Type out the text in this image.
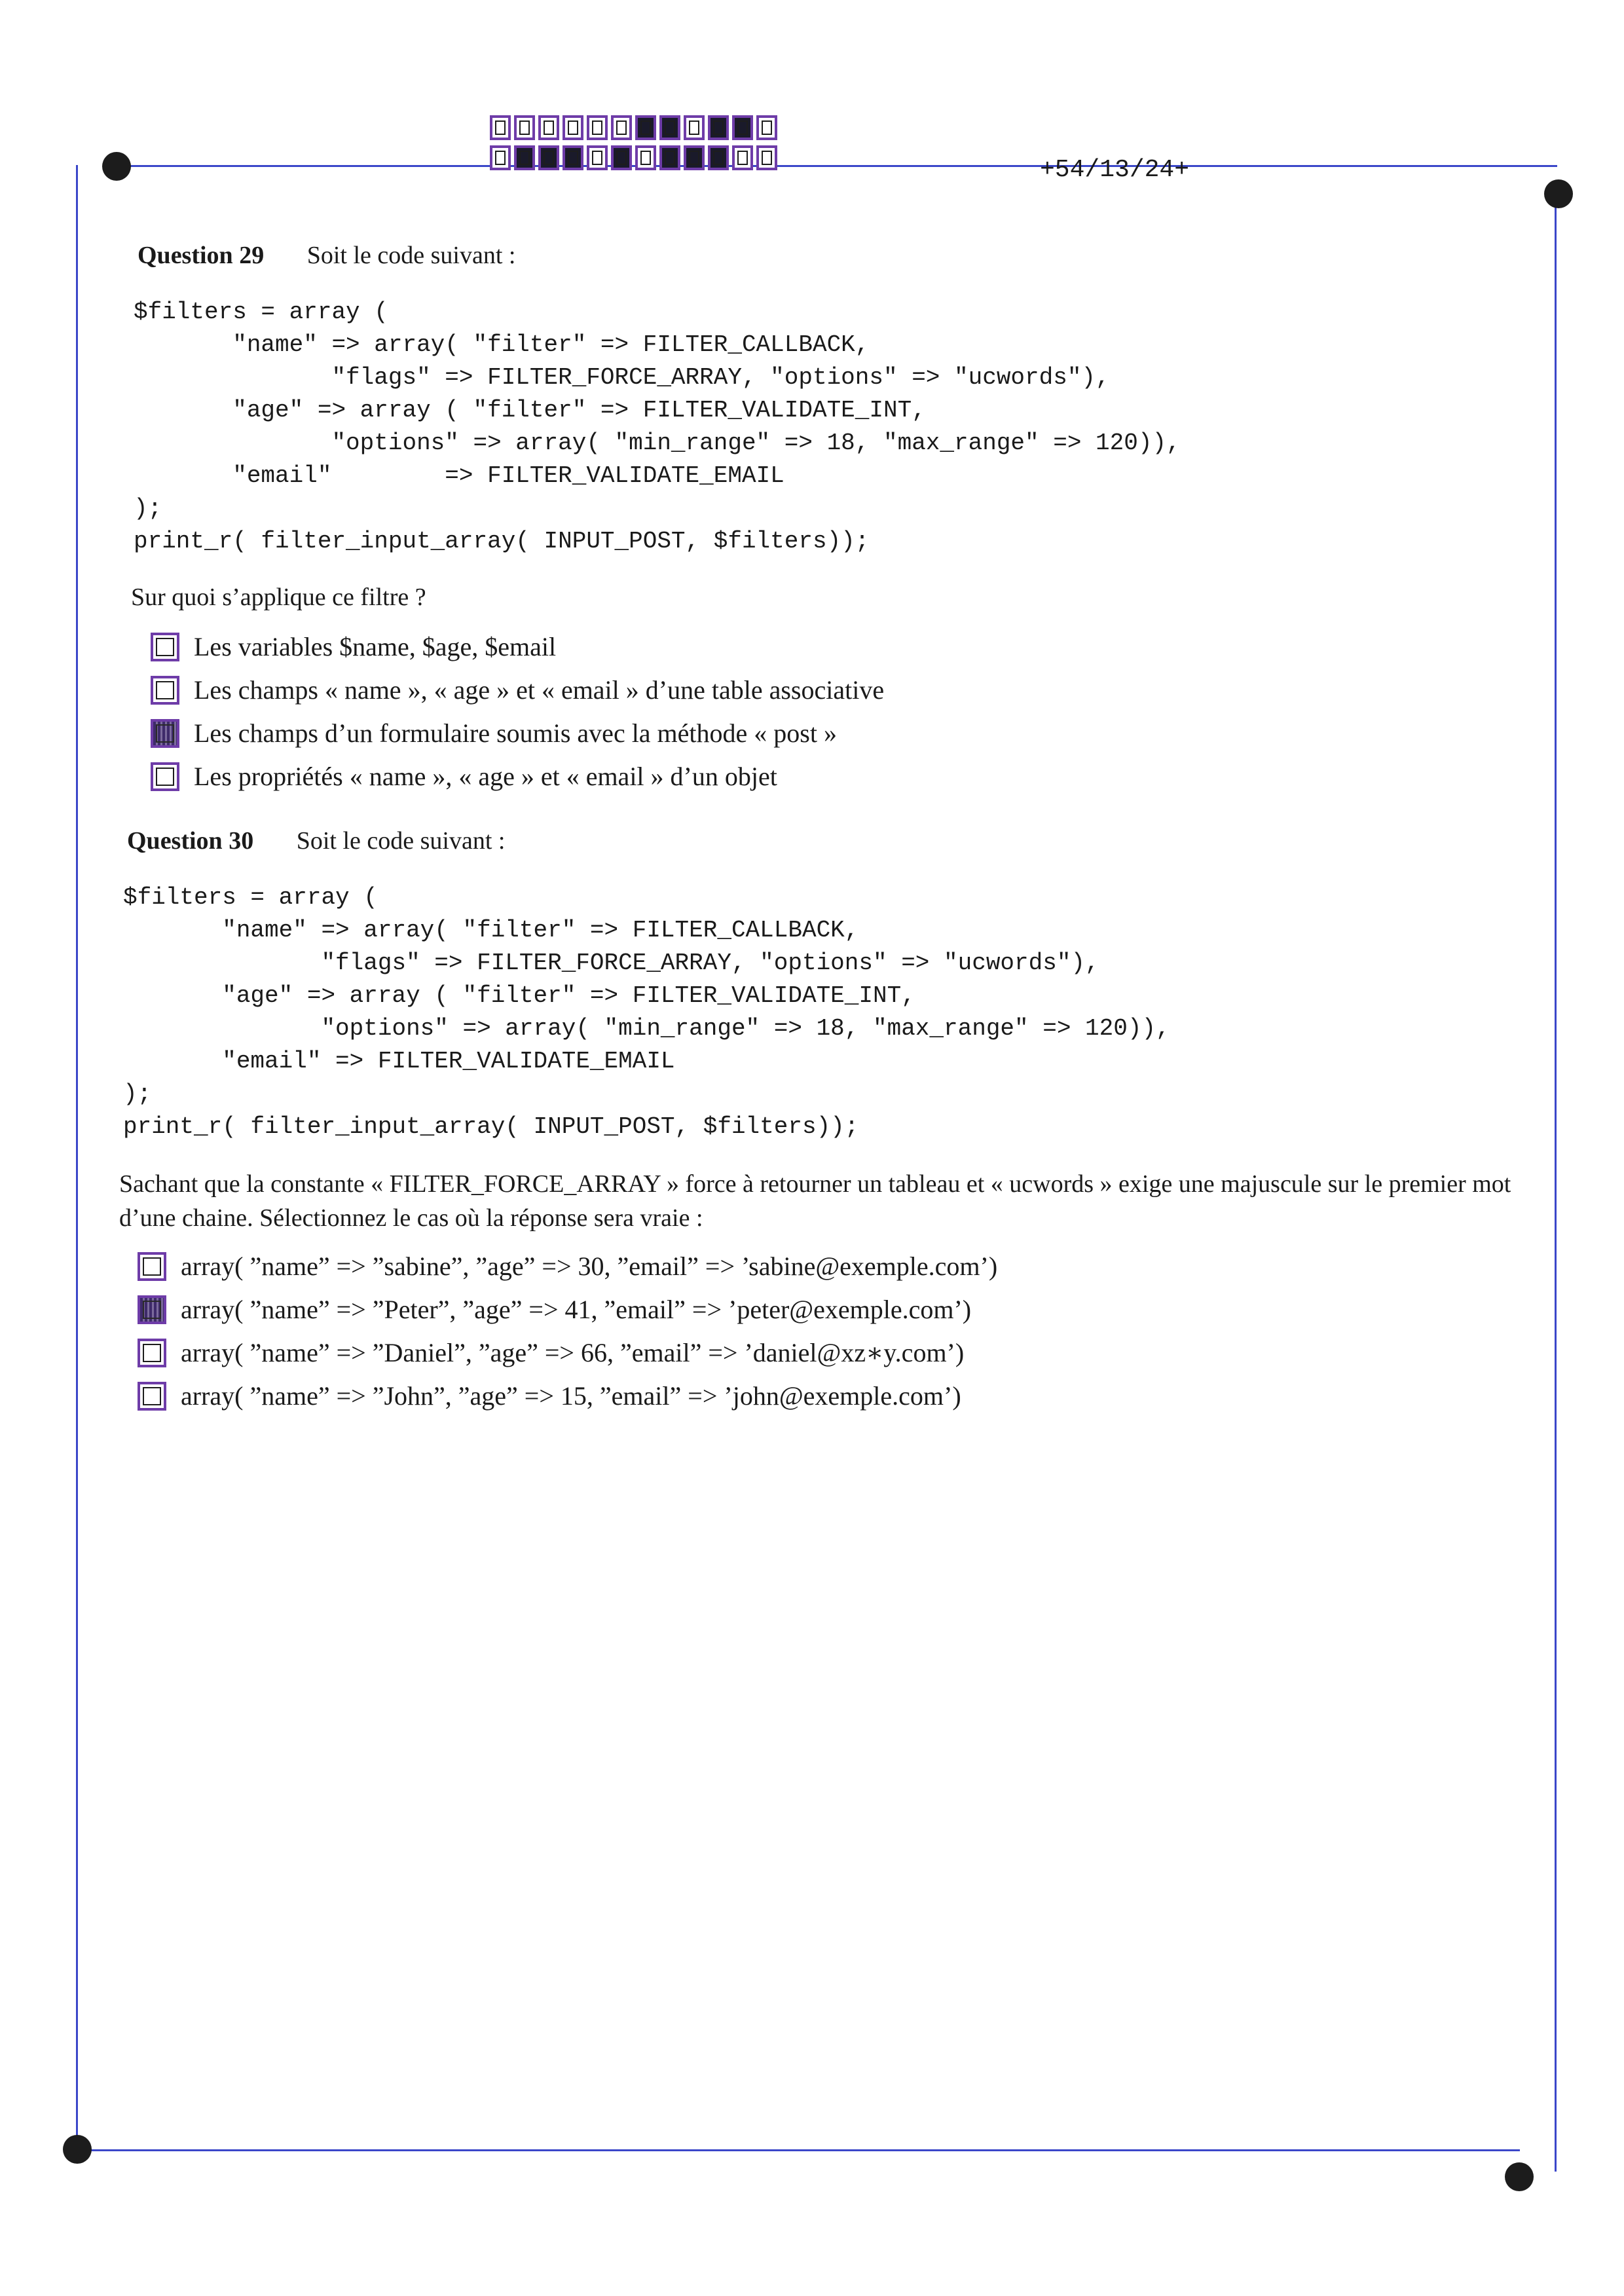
+54/13/24+
Question 29 Soit le code suivant :
$filters = array (
"name" => array( "filter" => FILTER_CALLBACK,
"flags" => FILTER_FORCE_ARRAY, "options" => "ucwords"),
"age" => array ( "filter" => FILTER_VALIDATE_INT,
"options" => array( "min_range" => 18, "max_range" => 120)),
"email"        => FILTER_VALIDATE_EMAIL
);
print_r( filter_input_array( INPUT_POST, $filters));
Sur quoi s’applique ce filtre ?
Les variables $name, $age, $email
Les champs « name », « age » et « email » d’une table associative
Les champs d’un formulaire soumis avec la méthode « post »
Les propriétés « name », « age » et « email » d’un objet
Question 30 Soit le code suivant :
$filters = array (
"name" => array( "filter" => FILTER_CALLBACK,
"flags" => FILTER_FORCE_ARRAY, "options" => "ucwords"),
"age" => array ( "filter" => FILTER_VALIDATE_INT,
"options" => array( "min_range" => 18, "max_range" => 120)),
"email" => FILTER_VALIDATE_EMAIL
);
print_r( filter_input_array( INPUT_POST, $filters));
Sachant que la constante « FILTER_FORCE_ARRAY » force à retourner un tableau et « ucwords » exige une majuscule sur le premier mot d’une chaine. Sélectionnez le cas où la réponse sera vraie :
array( ”name” => ”sabine”, ”age” => 30, ”email” => ’sabine@exemple.com’)
array( ”name” => ”Peter”, ”age” => 41, ”email” => ’peter@exemple.com’)
array( ”name” => ”Daniel”, ”age” => 66, ”email” => ’daniel@xz∗y.com’)
array( ”name” => ”John”, ”age” => 15, ”email” => ’john@exemple.com’)
